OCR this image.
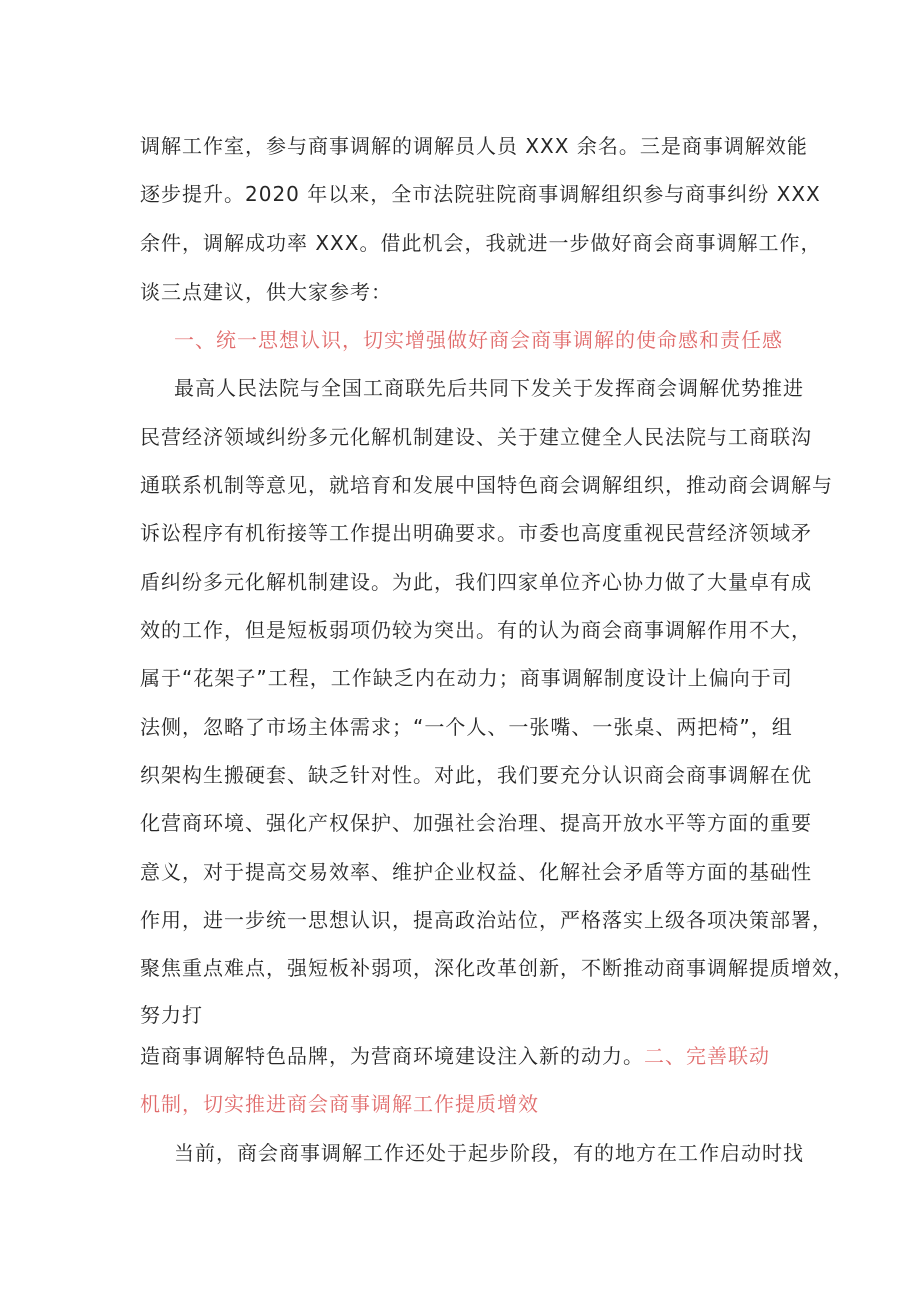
调解工作室，参与商事调解的调解员人员 XXX 余名。三是商事调解效能
逐步提升。2020 年以来，全市法院驻院商事调解组织参与商事纠纷 XXX
余件，调解成功率 XXX。借此机会，我就进一步做好商会商事调解工作，
谈三点建议，供大家参考：
一、统一思想认识，切实增强做好商会商事调解的使命感和责任感
最高人民法院与全国工商联先后共同下发关于发挥商会调解优势推进
民营经济领域纠纷多元化解机制建设、关于建立健全人民法院与工商联沟
通联系机制等意见，就培育和发展中国特色商会调解组织，推动商会调解与
诉讼程序有机衔接等工作提出明确要求。市委也高度重视民营经济领域矛
盾纠纷多元化解机制建设。为此，我们四家单位齐心协力做了大量卓有成
效的工作，但是短板弱项仍较为突出。有的认为商会商事调解作用不大，
属于“花架子”工程，工作缺乏内在动力；商事调解制度设计上偏向于司
法侧，忽略了市场主体需求；“一个人、一张嘴、一张桌、两把椅”，组
织架构生搬硬套、缺乏针对性。对此，我们要充分认识商会商事调解在优
化营商环境、强化产权保护、加强社会治理、提高开放水平等方面的重要
意义，对于提高交易效率、维护企业权益、化解社会矛盾等方面的基础性
作用，进一步统一思想认识，提高政治站位，严格落实上级各项决策部署，
聚焦重点难点，强短板补弱项，深化改革创新，不断推动商事调解提质增效，
努力打
造商事调解特色品牌，为营商环境建设注入新的动力。二、完善联动
机制，切实推进商会商事调解工作提质增效
当前，商会商事调解工作还处于起步阶段，有的地方在工作启动时找
